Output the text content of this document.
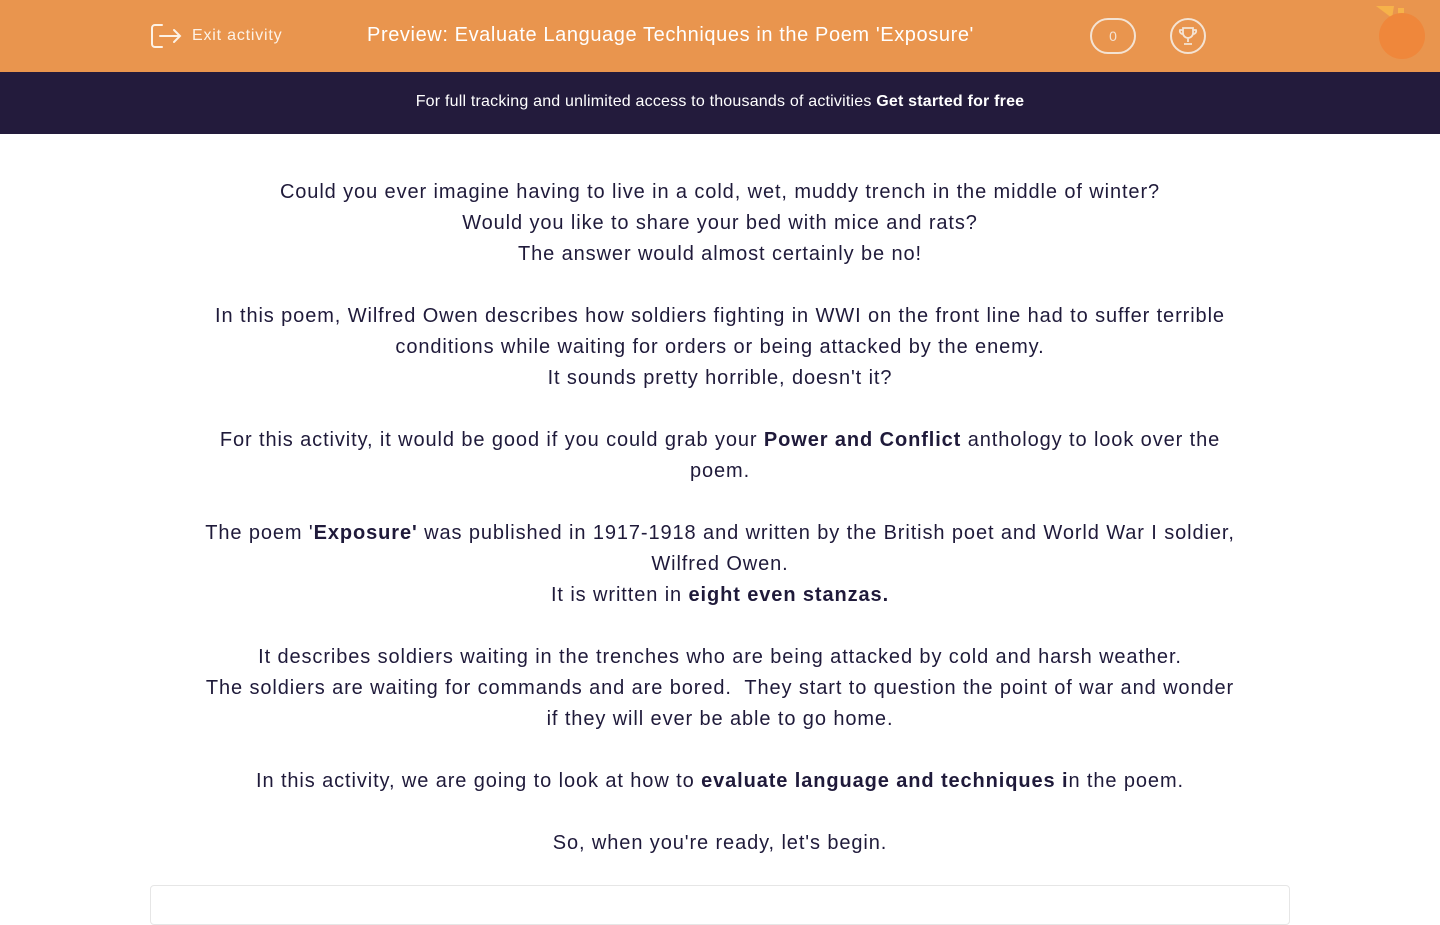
Exit activity	Preview: Evaluate Language Techniques in the Poem 'Exposure'	0
For full tracking and unlimited access to thousands of activities Get started for free
Could you ever imagine having to live in a cold, wet, muddy trench in the middle of winter?
Would you like to share your bed with mice and rats?
The answer would almost certainly be no!
In this poem, Wilfred Owen describes how soldiers fighting in WWI on the front line had to suffer terrible
conditions while waiting for orders or being attacked by the enemy.
It sounds pretty horrible, doesn't it?
For this activity, it would be good if you could grab your Power and Conflict anthology to look over the
poem.
The poem 'Exposure' was published in 1917-1918 and written by the British poet and World War I soldier,
Wilfred Owen.
It is written in eight even stanzas.
It describes soldiers waiting in the trenches who are being attacked by cold and harsh weather.
The soldiers are waiting for commands and are bored.  They start to question the point of war and wonder
if they will ever be able to go home.
In this activity, we are going to look at how to evaluate language and techniques in the poem.
So, when you're ready, let's begin.
